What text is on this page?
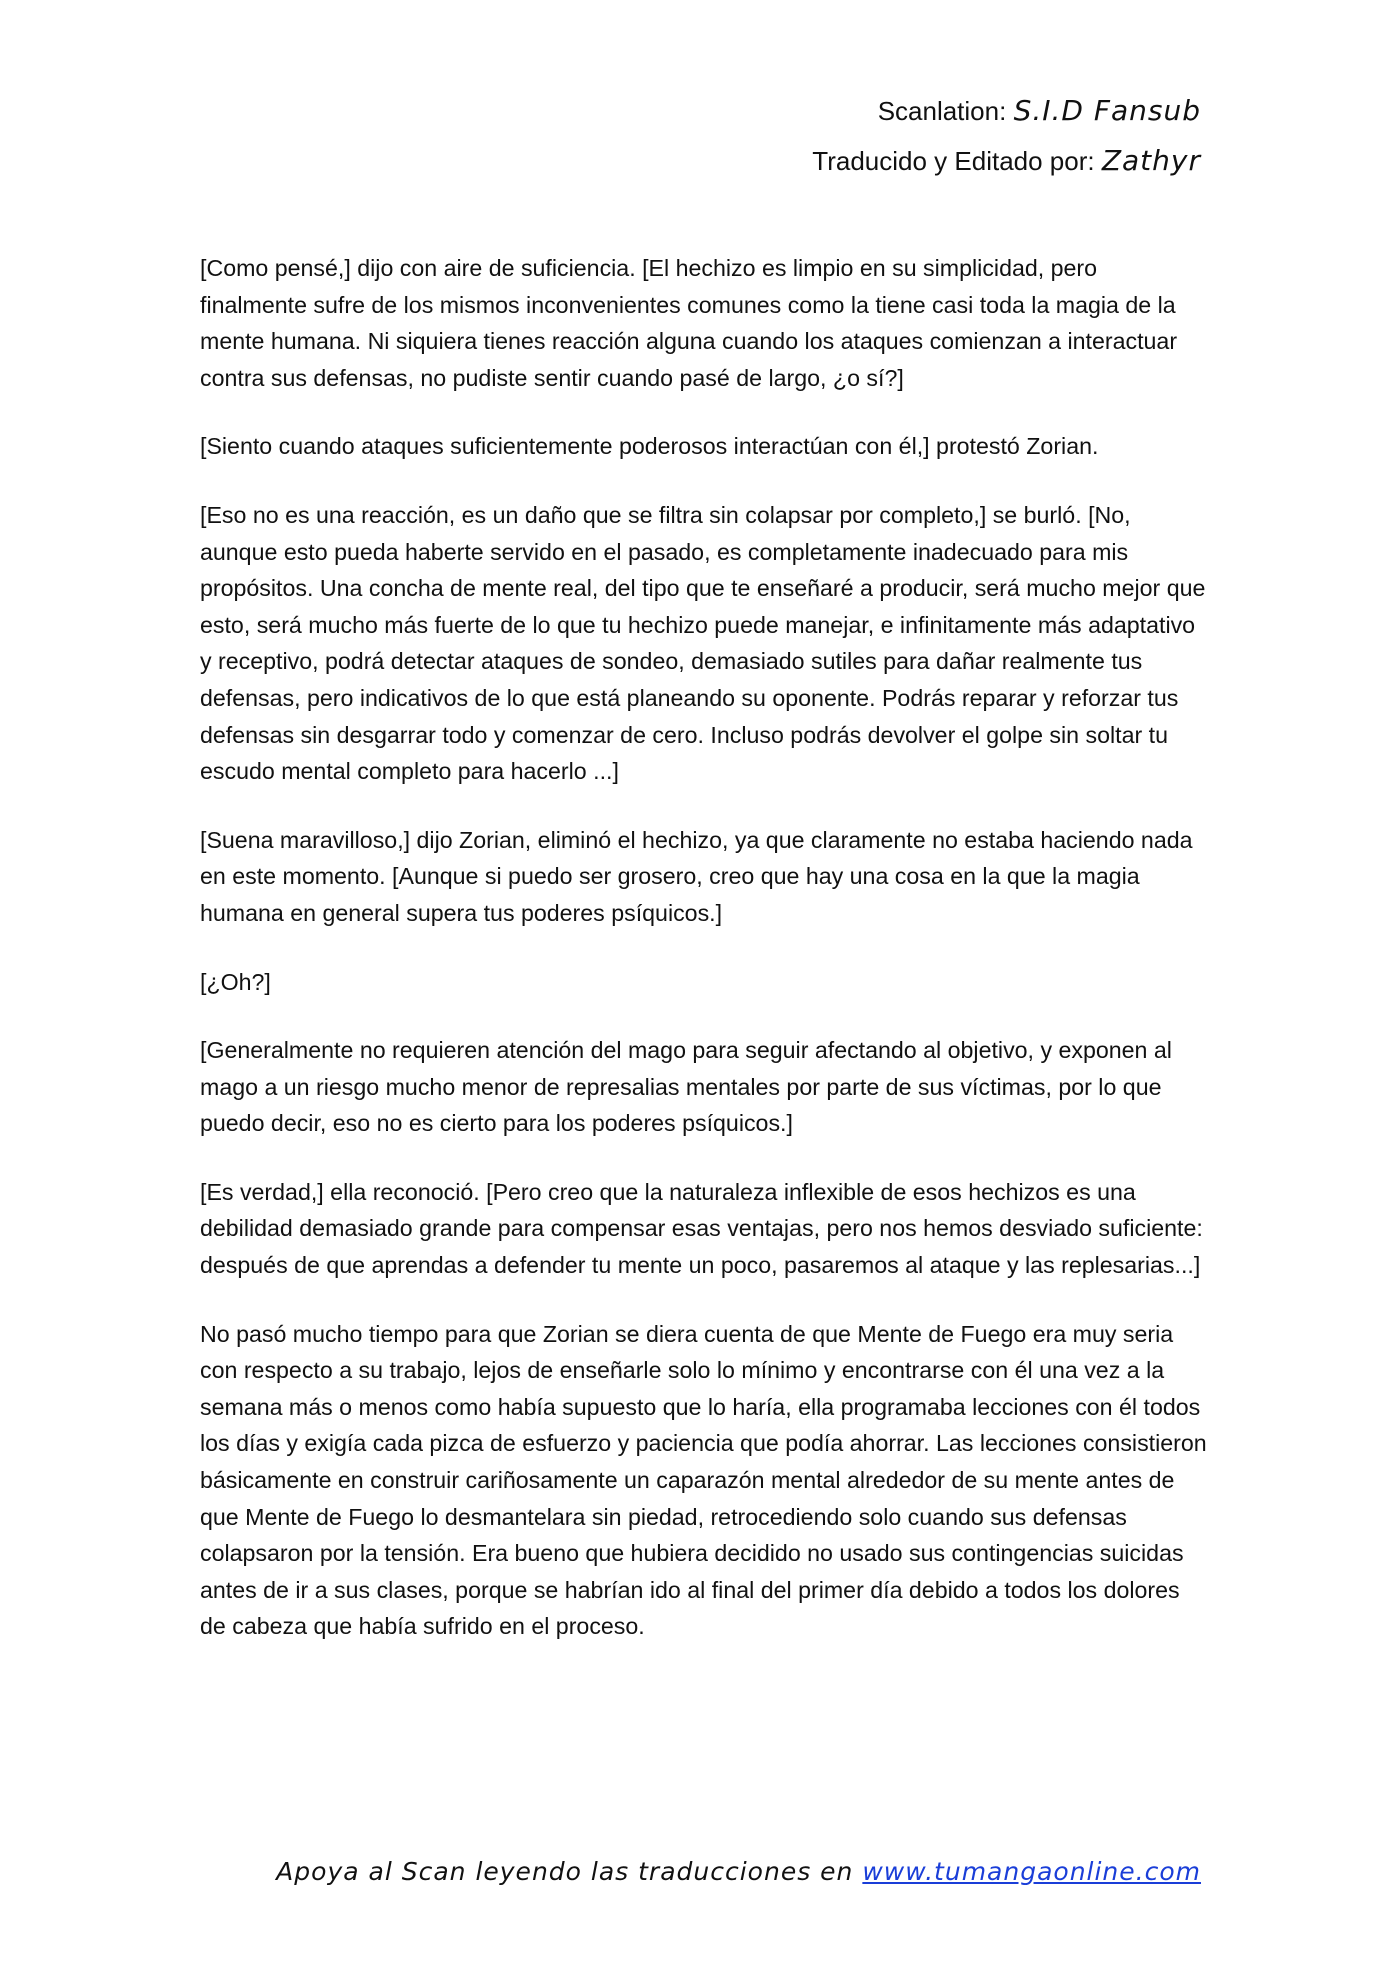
Scanlation: S.I.D Fansub
Traducido y Editado por: Zathyr

[Como pensé,] dijo con aire de suficiencia. [El hechizo es limpio en su simplicidad, pero finalmente sufre de los mismos inconvenientes comunes como la tiene casi toda la magia de la mente humana. Ni siquiera tienes reacción alguna cuando los ataques comienzan a interactuar contra sus defensas, no pudiste sentir cuando pasé de largo, ¿o sí?]

[Siento cuando ataques suficientemente poderosos interactúan con él,] protestó Zorian.

[Eso no es una reacción, es un daño que se filtra sin colapsar por completo,] se burló. [No, aunque esto pueda haberte servido en el pasado, es completamente inadecuado para mis propósitos. Una concha de mente real, del tipo que te enseñaré a producir, será mucho mejor que esto, será mucho más fuerte de lo que tu hechizo puede manejar, e infinitamente más adaptativo y receptivo, podrá detectar ataques de sondeo, demasiado sutiles para dañar realmente tus defensas, pero indicativos de lo que está planeando su oponente. Podrás reparar y reforzar tus defensas sin desgarrar todo y comenzar de cero. Incluso podrás devolver el golpe sin soltar tu escudo mental completo para hacerlo ...]

[Suena maravilloso,] dijo Zorian, eliminó el hechizo, ya que claramente no estaba haciendo nada en este momento. [Aunque si puedo ser grosero, creo que hay una cosa en la que la magia humana en general supera tus poderes psíquicos.]

[¿Oh?]

[Generalmente no requieren atención del mago para seguir afectando al objetivo, y exponen al mago a un riesgo mucho menor de represalias mentales por parte de sus víctimas, por lo que puedo decir, eso no es cierto para los poderes psíquicos.]

[Es verdad,] ella reconoció. [Pero creo que la naturaleza inflexible de esos hechizos es una debilidad demasiado grande para compensar esas ventajas, pero nos hemos desviado suficiente: después de que aprendas a defender tu mente un poco, pasaremos al ataque y las replesarias...]

No pasó mucho tiempo para que Zorian se diera cuenta de que Mente de Fuego era muy seria con respecto a su trabajo, lejos de enseñarle solo lo mínimo y encontrarse con él una vez a la semana más o menos como había supuesto que lo haría, ella programaba lecciones con él todos los días y exigía cada pizca de esfuerzo y paciencia que podía ahorrar. Las lecciones consistieron básicamente en construir cariñosamente un caparazón mental alrededor de su mente antes de que Mente de Fuego lo desmantelara sin piedad, retrocediendo solo cuando sus defensas colapsaron por la tensión. Era bueno que hubiera decidido no usado sus contingencias suicidas antes de ir a sus clases, porque se habrían ido al final del primer día debido a todos los dolores de cabeza que había sufrido en el proceso.

Apoya al Scan leyendo las traducciones en www.tumangaonline.com
